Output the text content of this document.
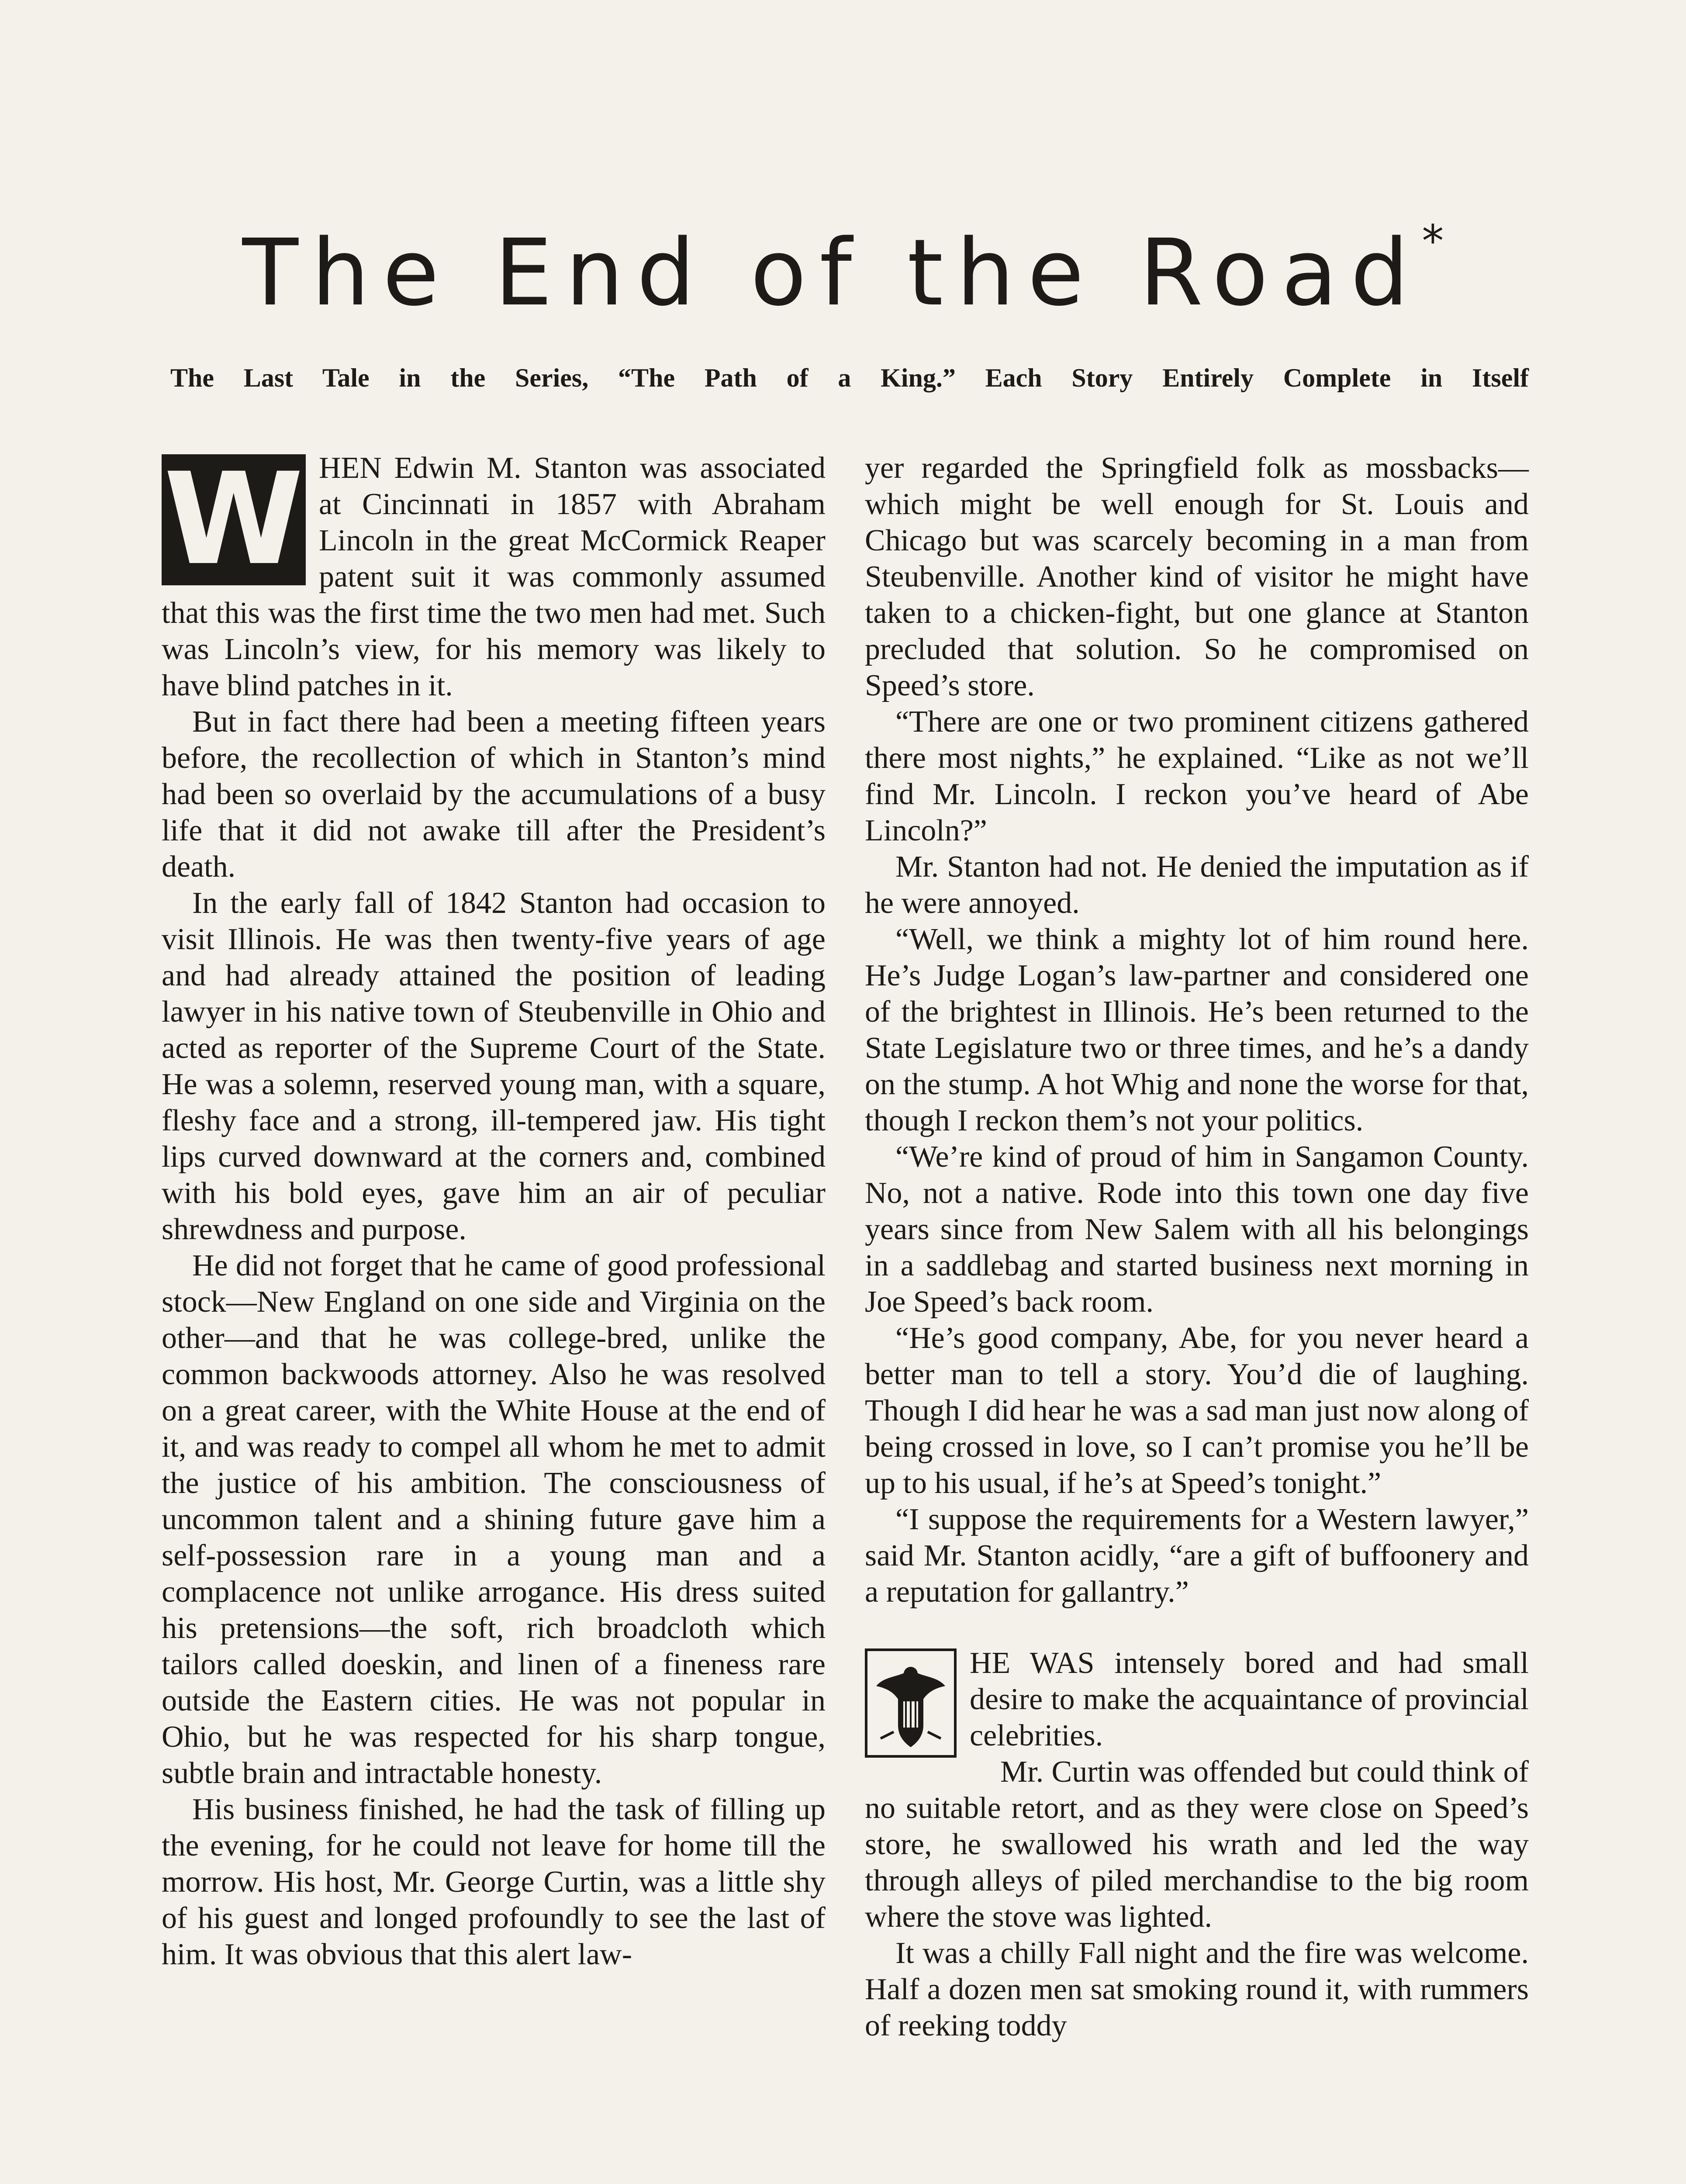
The End of the Road*
The Last Tale in the Series, “The Path of a King.” Each Story Entirely Complete in Itself
W HEN Edwin M. Stanton was associated at Cincinnati in 1857 with Abraham Lincoln in the great McCormick Reaper patent suit it was commonly assumed that this was the first time the two men had met. Such was Lincoln’s view, for his memory was likely to have blind patches in it.

But in fact there had been a meeting fifteen years before, the recollection of which in Stanton’s mind had been so overlaid by the accumulations of a busy life that it did not awake till after the President’s death.

In the early fall of 1842 Stanton had occasion to visit Illinois. He was then twenty-five years of age and had already attained the position of leading lawyer in his native town of Steubenville in Ohio and acted as reporter of the Supreme Court of the State. He was a solemn, reserved young man, with a square, fleshy face and a strong, ill-tempered jaw. His tight lips curved downward at the corners and, combined with his bold eyes, gave him an air of peculiar shrewdness and purpose.

He did not forget that he came of good professional stock—New England on one side and Virginia on the other—and that he was college-bred, unlike the common backwoods attorney. Also he was resolved on a great career, with the White House at the end of it, and was ready to compel all whom he met to admit the justice of his ambition. The consciousness of uncommon talent and a shining future gave him a self-possession rare in a young man and a complacence not unlike arrogance. His dress suited his pretensions—the soft, rich broadcloth which tailors called doeskin, and linen of a fineness rare outside the Eastern cities. He was not popular in Ohio, but he was respected for his sharp tongue, subtle brain and intractable honesty.

His business finished, he had the task of filling up the evening, for he could not leave for home till the morrow. His host, Mr. George Curtin, was a little shy of his guest and longed profoundly to see the last of him. It was obvious that this alert law-

yer regarded the Springfield folk as mossbacks—which might be well enough for St. Louis and Chicago but was scarcely becoming in a man from Steubenville. Another kind of visitor he might have taken to a chicken-fight, but one glance at Stanton precluded that solution. So he compromised on Speed’s store.

“There are one or two prominent citizens gathered there most nights,” he explained. “Like as not we’ll find Mr. Lincoln. I reckon you’ve heard of Abe Lincoln?”

Mr. Stanton had not. He denied the imputation as if he were annoyed.

“Well, we think a mighty lot of him round here. He’s Judge Logan’s law-partner and considered one of the brightest in Illinois. He’s been returned to the State Legislature two or three times, and he’s a dandy on the stump. A hot Whig and none the worse for that, though I reckon them’s not your politics.

“We’re kind of proud of him in Sangamon County. No, not a native. Rode into this town one day five years since from New Salem with all his belongings in a saddlebag and started business next morning in Joe Speed’s back room.

“He’s good company, Abe, for you never heard a better man to tell a story. You’d die of laughing. Though I did hear he was a sad man just now along of being crossed in love, so I can’t promise you he’ll be up to his usual, if he’s at Speed’s tonight.”

“I suppose the requirements for a Western lawyer,” said Mr. Stanton acidly, “are a gift of buffoonery and a reputation for gallantry.”

HE WAS intensely bored and had small desire to make the acquaintance of provincial celebrities.

Mr. Curtin was offended but could think of no suitable retort, and as they were close on Speed’s store, he swallowed his wrath and led the way through alleys of piled merchandise to the big room where the stove was lighted.

It was a chilly Fall night and the fire was welcome. Half a dozen men sat smoking round it, with rummers of reeking toddy
